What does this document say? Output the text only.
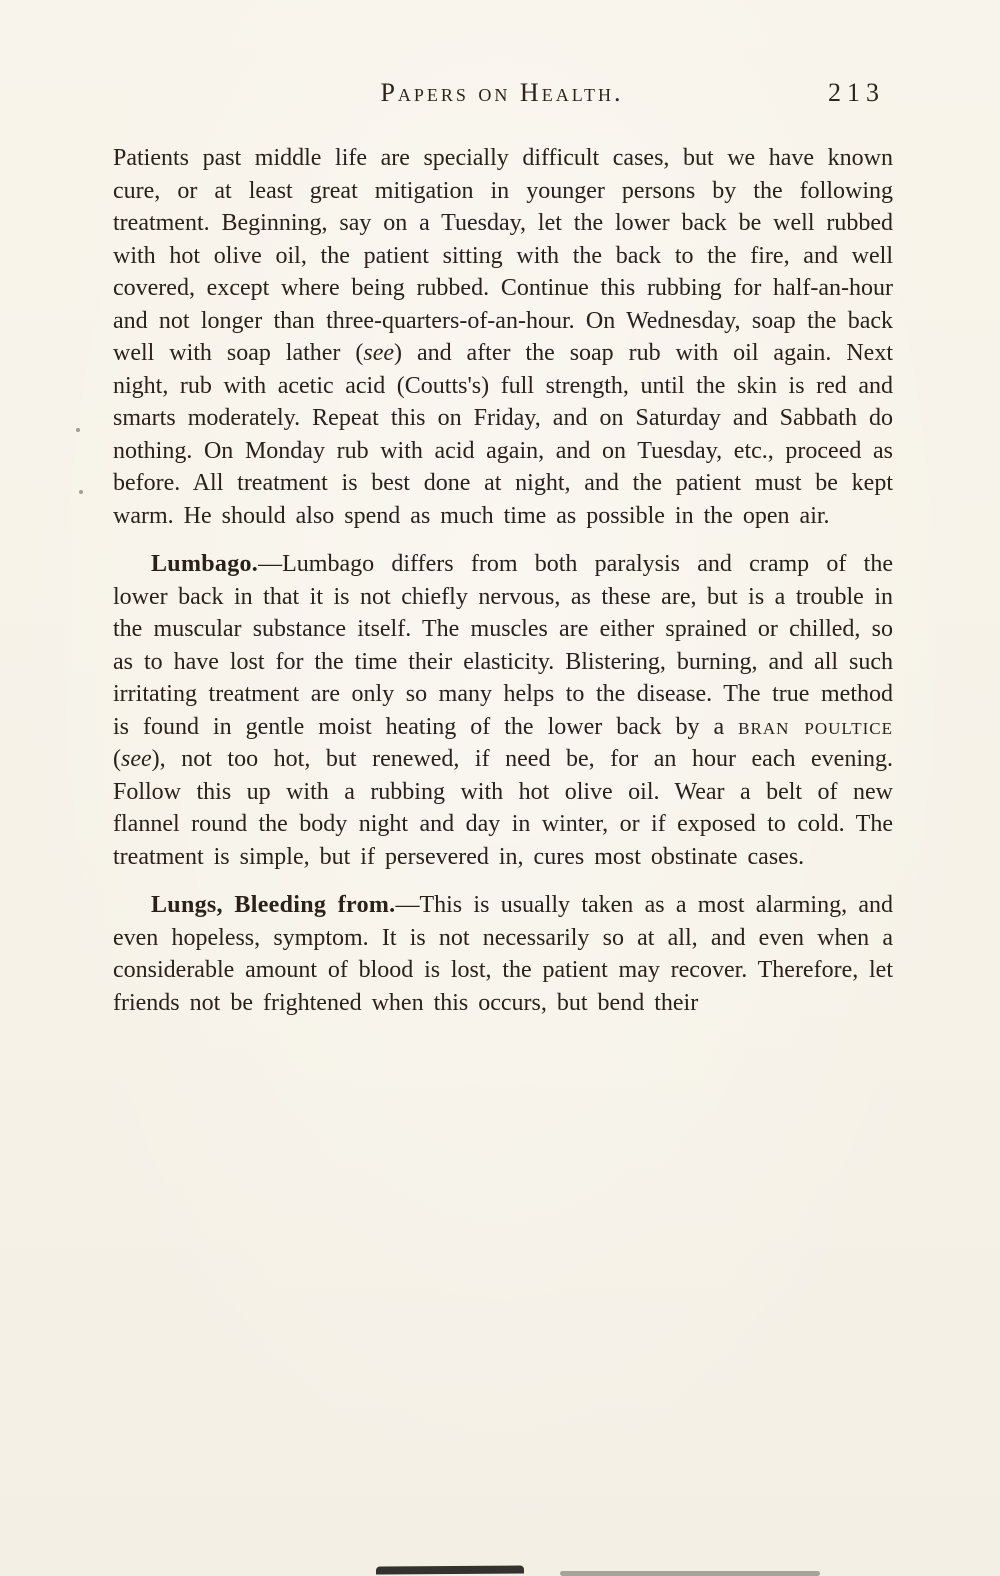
Papers on Health.	213

Patients past middle life are specially difficult cases, but we have known cure, or at least great mitigation in younger persons by the following treatment. Beginning, say on a Tuesday, let the lower back be well rubbed with hot olive oil, the patient sitting with the back to the fire, and well covered, except where being rubbed. Continue this rubbing for half-an-hour and not longer than three-quarters-of-an-hour. On Wednesday, soap the back well with soap lather (see) and after the soap rub with oil again. Next night, rub with acetic acid (Coutts's) full strength, until the skin is red and smarts moderately. Repeat this on Friday, and on Saturday and Sabbath do nothing. On Monday rub with acid again, and on Tuesday, etc., proceed as before. All treatment is best done at night, and the patient must be kept warm. He should also spend as much time as possible in the open air.

Lumbago.—Lumbago differs from both paralysis and cramp of the lower back in that it is not chiefly nervous, as these are, but is a trouble in the muscular substance itself. The muscles are either sprained or chilled, so as to have lost for the time their elasticity. Blistering, burning, and all such irritating treatment are only so many helps to the disease. The true method is found in gentle moist heating of the lower back by a bran poultice (see), not too hot, but renewed, if need be, for an hour each evening. Follow this up with a rubbing with hot olive oil. Wear a belt of new flannel round the body night and day in winter, or if exposed to cold. The treatment is simple, but if persevered in, cures most obstinate cases.

Lungs, Bleeding from.—This is usually taken as a most alarming, and even hopeless, symptom. It is not necessarily so at all, and even when a considerable amount of blood is lost, the patient may recover. Therefore, let friends not be frightened when this occurs, but bend their
